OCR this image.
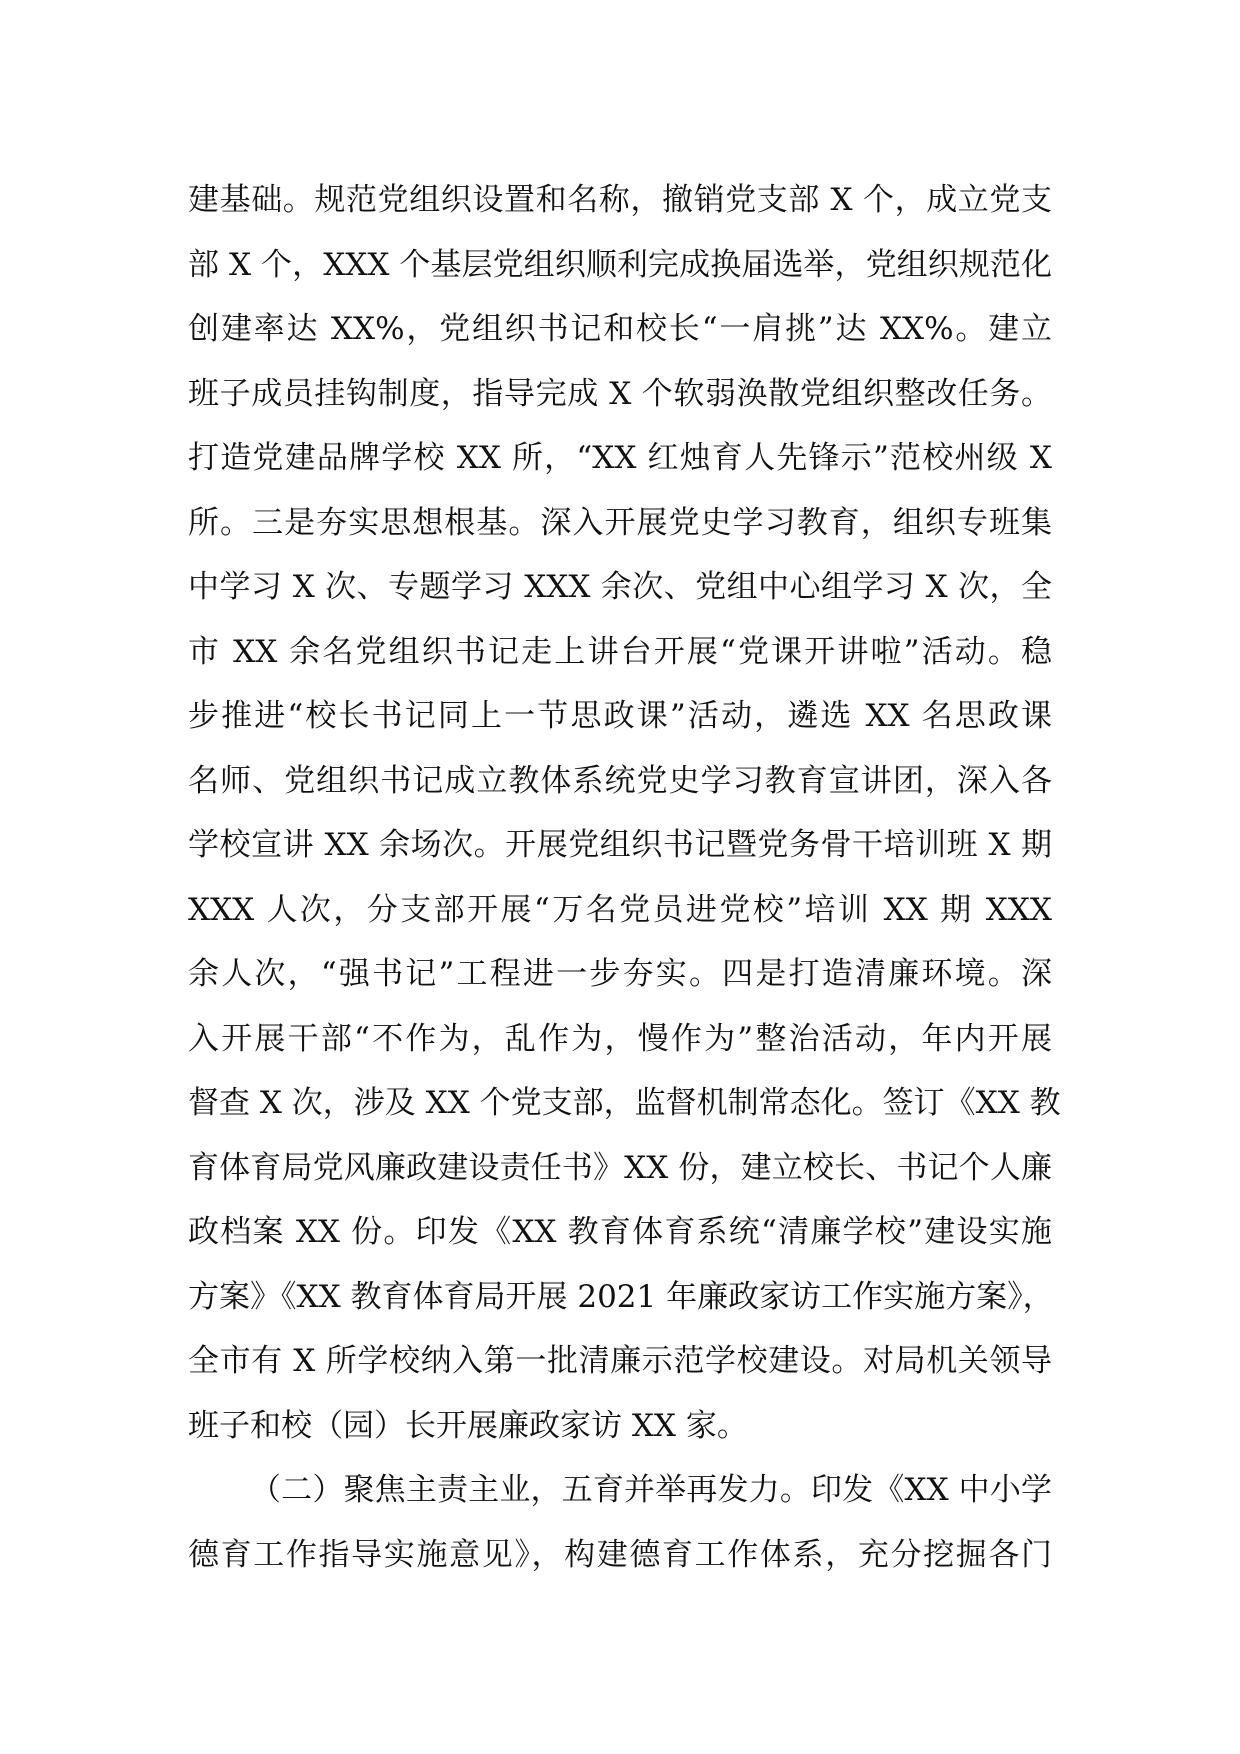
建基础。规范党组织设置和名称，撤销党支部 X 个，成立党支
部 X 个，XXX 个基层党组织顺利完成换届选举，党组织规范化
创建率达 XX%，党组织书记和校长“一肩挑”达 XX%。建立
班子成员挂钩制度，指导完成 X 个软弱涣散党组织整改任务。
打造党建品牌学校 XX 所，“XX 红烛育人先锋示”范校州级 X
所。三是夯实思想根基。深入开展党史学习教育，组织专班集
中学习 X 次、专题学习 XXX 余次、党组中心组学习 X 次，全
市 XX 余名党组织书记走上讲台开展“党课开讲啦”活动。稳
步推进“校长书记同上一节思政课”活动，遴选 XX 名思政课
名师、党组织书记成立教体系统党史学习教育宣讲团，深入各
学校宣讲 XX 余场次。开展党组织书记暨党务骨干培训班 X 期
XXX 人次，分支部开展“万名党员进党校”培训 XX 期 XXX
余人次，“强书记”工程进一步夯实。四是打造清廉环境。深
入开展干部“不作为，乱作为，慢作为”整治活动，年内开展
督查 X 次，涉及 XX 个党支部，监督机制常态化。签订《XX 教
育体育局党风廉政建设责任书》XX 份，建立校长、书记个人廉
政档案 XX 份。印发《XX 教育体育系统“清廉学校”建设实施
方案》《XX 教育体育局开展 2021 年廉政家访工作实施方案》，
全市有 X 所学校纳入第一批清廉示范学校建设。对局机关领导
班子和校（园）长开展廉政家访 XX 家。
（二）聚焦主责主业，五育并举再发力。印发《XX 中小学
德育工作指导实施意见》，构建德育工作体系，充分挖掘各门
